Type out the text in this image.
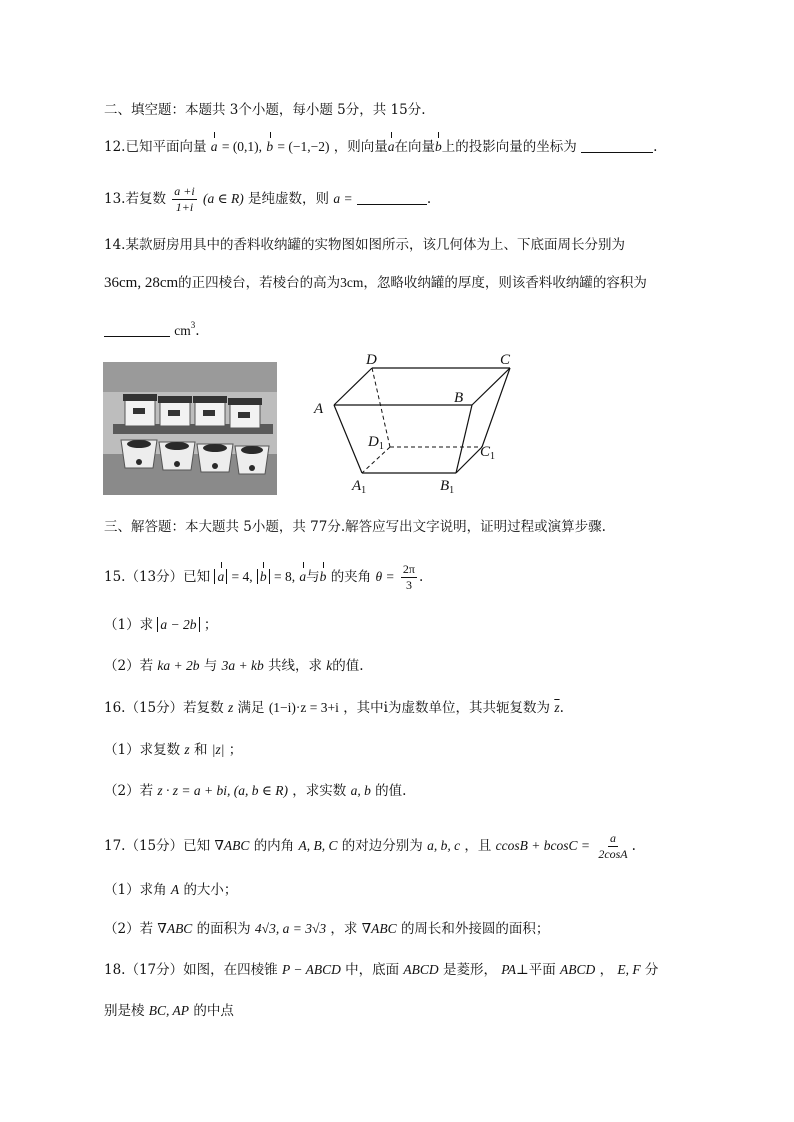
二、填空题：本题共 3个小题，每小题 5分，共 15分.
12.已知平面向量 a = (0,1), b = (−1,−2) ，则向量a在向量b上的投影向量的坐标为	.
13.若复数 $\frac{a +i}{1+i} (a$ ∈ R) 是纯虚数，则 a =	.
14.某款厨房用具中的香料收纳罐的实物图如图所示，该几何体为上、下底面周长分别为
36cm, 28cm的正四棱台，若棱台的高为3cm，忽略收纳罐的厚度，则该香料收纳罐的容积为
$cm^3$.
D	C
A
B
$D_1$	$C_1$
$A_1$	$B_1$
三、解答题：本大题共 5小题，共 77分.解答应写出文字说明，证明过程或演算步骤.
15.（13分）已知 a = 4, b = 8, a与b 的夹角 $\theta = \frac{2\pi}{3}$ .
（1）求 a − 2b ；
（2）若 ka + 2b 与 3a + kb 共线，求 k的值.
16.（15分）若复数 z 满足 (1−i)·z = 3+i ，其中i为虚数单位，其共轭复数为 $\overline{z}$.
（1）求复数 z 和 |z| ；
（2）若 z · z = a + bi, (a, b ∈ R) ，求实数 a, b 的值.
17.（15分）已知 ∇ABC 的内角 A, B, C 的对边分别为 a, b, c ，且 $ccosB + bcosC = \frac{a}{2\cos A}$ .
（1）求角 A 的大小；
（2）若 ∇ABC 的面积为 4√3, a = 3√3 ，求 ∇ABC 的周长和外接圆的面积；
18.（17分）如图，在四棱锥 P − ABCD 中，底面 ABCD 是菱形， PA⊥平面 ABCD ， E, F 分
别是棱 BC, AP 的中点
